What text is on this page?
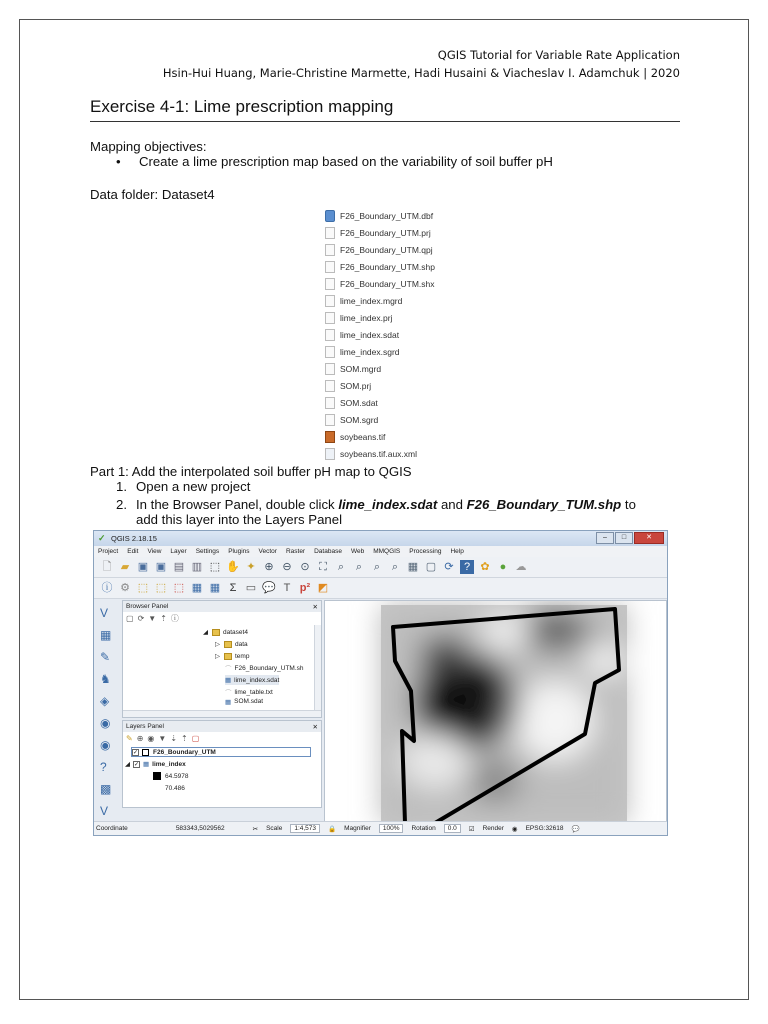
QGIS Tutorial for Variable Rate Application
Hsin-Hui Huang, Marie-Christine Marmette, Hadi Husaini & Viacheslav I. Adamchuk | 2020
Exercise 4-1: Lime prescription mapping
Mapping objectives:
•     Create a lime prescription map based on the variability of soil buffer pH
Data folder: Dataset4
F26_Boundary_UTM.dbf
F26_Boundary_UTM.prj
F26_Boundary_UTM.qpj
F26_Boundary_UTM.shp
F26_Boundary_UTM.shx
lime_index.mgrd
lime_index.prj
lime_index.sdat
lime_index.sgrd
SOM.mgrd
SOM.prj
SOM.sdat
SOM.sgrd
soybeans.tif
soybeans.tif.aux.xml
Part 1: Add the interpolated soil buffer pH map to QGIS
1. Open a new project
2. In the Browser Panel, double click lime_index.sdat and F26_Boundary_TUM.shp to
add this layer into the Layers Panel
✓ QGIS 2.18.15	–	□	✕
Project Edit View Layer Settings Plugins Vector Raster Database Web MMQGIS Processing Help
🗋 ▰ ▣ ▣ ▤ ▥ ⬚ ✋ ✦ ⊕ ⊖ ⊙ ⛶	⌕	⌕	⌕	⌕ ▦ ▢ ⟳ ? ✿ ● ☁
ⓘ ⚙ ⬚ ⬚ ⬚ ▦ ▦ Σ ▭ 💬 T p² ◩
V
▦
✎
♞
◈
◉
◉
?
▩
V
Browser Panel	✕
▢ ⟳ ▼ ⇡ ⓘ
◢ dataset4
▷ data
▷ temp
⌒ F26_Boundary_UTM.sh
▦ lime_index.sdat
⌒ lime_table.txt
▦ SOM.sdat
Layers Panel	✕
✎ ⊕ ◉ ▼ ⇣ ⇡ ▢
✓ F26_Boundary_UTM
◢ ✓ ▦ lime_index
64.5978
70.486
Coordinate	583343,5029562	✂ Scale	1:4,573	🔒 Magnifier	100%	Rotation	0.0	☑ Render ◉ EPSG:32618 💬
